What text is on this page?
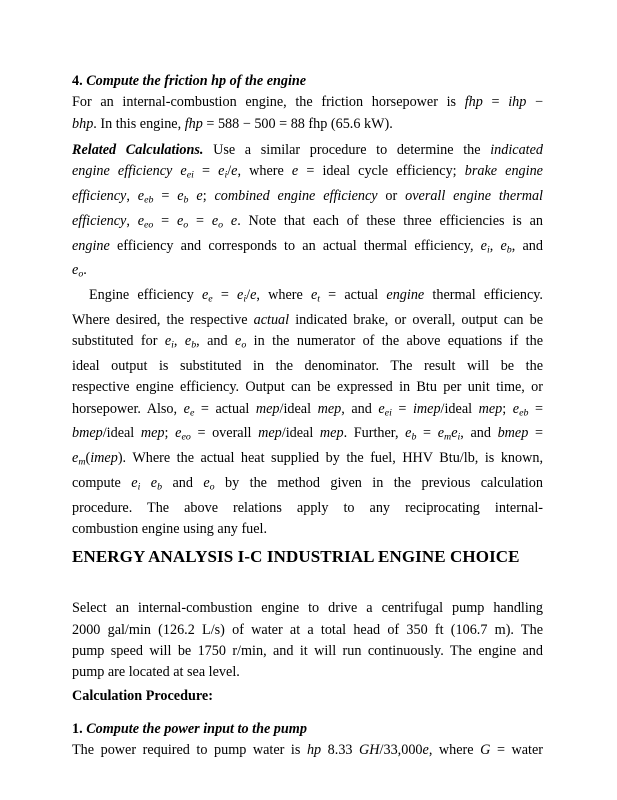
4. Compute the friction hp of the engine
For an internal-combustion engine, the friction horsepower is fhp = ihp −
bhp. In this engine, fhp = 588 − 500 = 88 fhp (65.6 kW).
Related Calculations. Use a similar procedure to determine the indicated
engine efficiency $e_{ei} = e_i/e$, where e = ideal cycle efficiency; brake engine
efficiency, $e_{eb} = e_b$ e; combined engine efficiency or overall engine thermal
efficiency, $e_{eo} = e_o = e_o$ e. Note that each of these three efficiencies is an
engine efficiency and corresponds to an actual thermal efficiency, $e_i$, $e_b$, and
$e_o$.
Engine efficiency $e_e = e_i/e$, where $e_t$ = actual engine thermal efficiency.
Where desired, the respective actual indicated brake, or overall, output can be
substituted for $e_i$, $e_b$, and $e_o$ in the numerator of the above equations if the
ideal output is substituted in the denominator. The result will be the
respective engine efficiency. Output can be expressed in Btu per unit time, or
horsepower. Also, $e_e$ = actual mep/ideal mep, and $e_{ei}$ = imep/ideal mep; $e_{eb}$ =
bmep/ideal mep; $e_{eo}$ = overall mep/ideal mep. Further, $e_b = e_me_i$, and bmep =
$e_m(imep)$. Where the actual heat supplied by the fuel, HHV Btu/lb, is known,
compute $e_i$ $e_b$ and $e_o$ by the method given in the previous calculation
procedure. The above relations apply to any reciprocating internal-
combustion engine using any fuel.
ENERGY ANALYSIS I-C INDUSTRIAL ENGINE CHOICE
Select an internal-combustion engine to drive a centrifugal pump handling
2000 gal/min (126.2 L/s) of water at a total head of 350 ft (106.7 m). The
pump speed will be 1750 r/min, and it will run continuously. The engine and
pump are located at sea level.
Calculation Procedure:
1. Compute the power input to the pump
The power required to pump water is hp 8.33 GH/33,000e, where G = water
